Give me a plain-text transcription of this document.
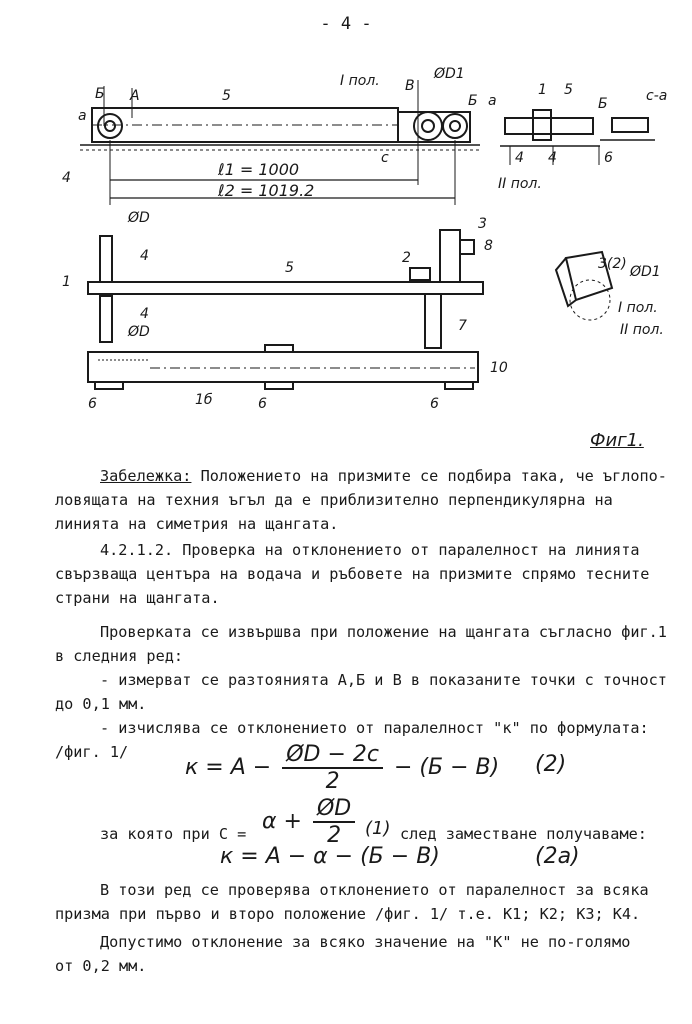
- 4 -
a
Б A	5
4
I пол. В
ØD1
c
Б a
II пол.
ℓ1 = 1000
ℓ2 = 1019.2
1 5
4 4	6
Б	c-a
ØD
4
1
5
4
ØD
3
8
2
7
10
6	1б	6	6
3(2) ØD1
I пол.
II пол.
Фиг1.
Забележка: Положението на призмите се подбира така, че ъглопо-
ловящата на техния ъгъл да е приблизително перпендикулярна на
линията на симетрия на щангата.
4.2.1.2. Проверка на отклонението от паралелност на линията
свързваща центъра на водача и ръбовете на призмите спрямо тесните
страни на щангата.
Проверката се извършва при положение на щангата съгласно фиг.1
в следния ред:
- измерват се разтоянията А,Б и В в показаните точки с точност
до 0,1 мм.
- изчислява се отклонението от паралелност "к" по формулата:
/фиг. 1/
$к = A - \frac{ØD - 2c}{2} - (Б - В)$ (2)
за която при $С = \alpha + \frac{ØD}{2} (1)$ след заместване получаваме:
к = A − α − (Б − В)	(2а)
В този ред се проверява отклонението от паралелност за всяка
призма при първо и второ положение /фиг. 1/ т.е. К1; К2; К3; К4.
Допустимо отклонение за всяко значение на "К" не по-голямо
от 0,2 мм.
